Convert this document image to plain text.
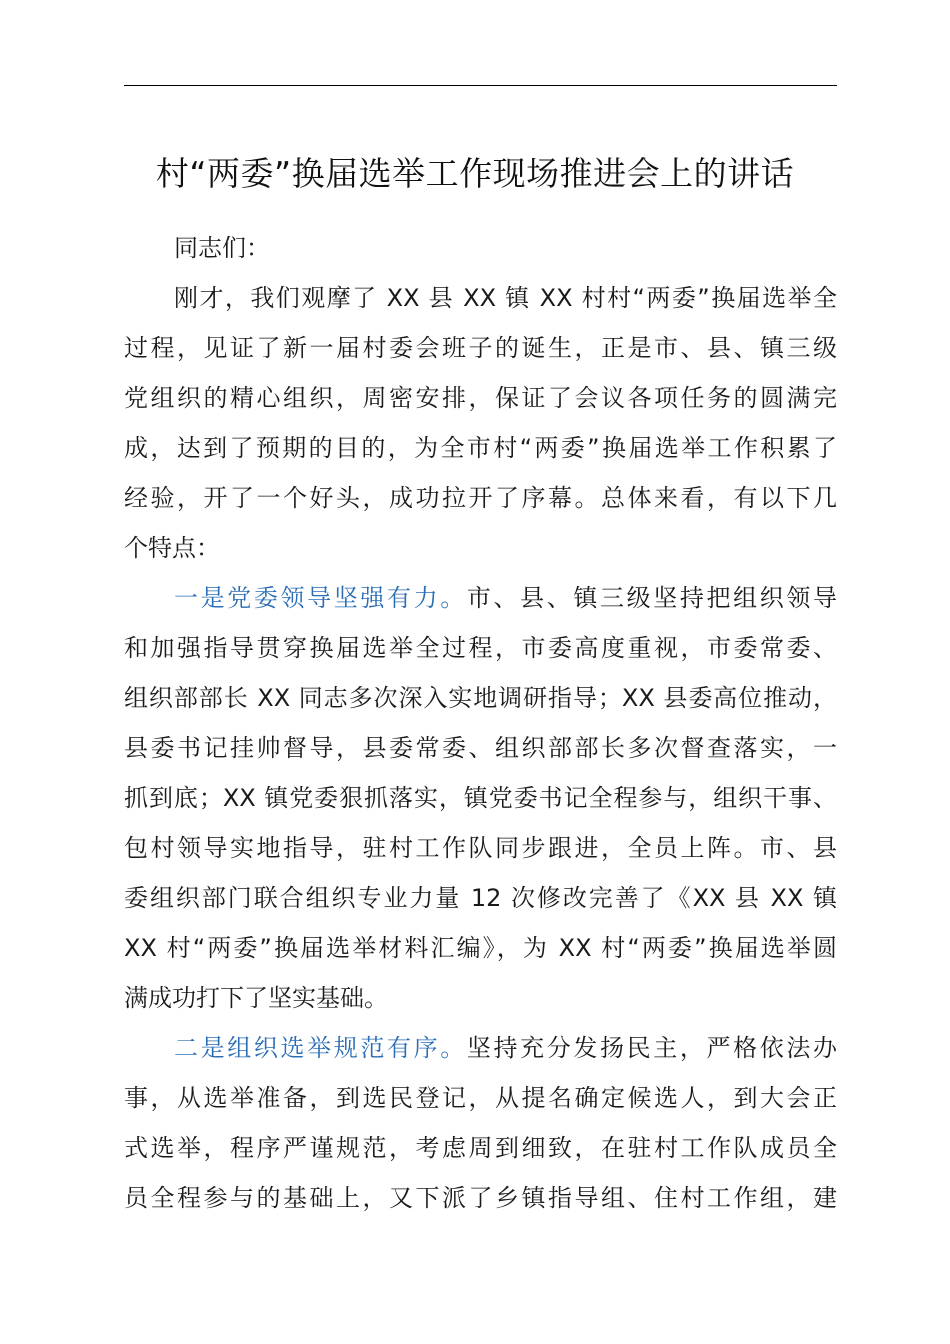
村“两委”换届选举工作现场推进会上的讲话
同志们：
刚才，我们观摩了 XX 县 XX 镇 XX 村村“两委”换届选举全
过程，见证了新一届村委会班子的诞生，正是市、县、镇三级
党组织的精心组织，周密安排，保证了会议各项任务的圆满完
成，达到了预期的目的，为全市村“两委”换届选举工作积累了
经验，开了一个好头，成功拉开了序幕。总体来看，有以下几
个特点：
一是党委领导坚强有力。市、县、镇三级坚持把组织领导
和加强指导贯穿换届选举全过程，市委高度重视，市委常委、
组织部部长 XX 同志多次深入实地调研指导；XX 县委高位推动，
县委书记挂帅督导，县委常委、组织部部长多次督查落实，一
抓到底；XX 镇党委狠抓落实，镇党委书记全程参与，组织干事、
包村领导实地指导，驻村工作队同步跟进，全员上阵。市、县
委组织部门联合组织专业力量 12 次修改完善了《XX 县 XX 镇
XX 村“两委”换届选举材料汇编》，为 XX 村“两委”换届选举圆
满成功打下了坚实基础。
二是组织选举规范有序。坚持充分发扬民主，严格依法办
事，从选举准备，到选民登记，从提名确定候选人，到大会正
式选举，程序严谨规范，考虑周到细致，在驻村工作队成员全
员全程参与的基础上，又下派了乡镇指导组、住村工作组，建
